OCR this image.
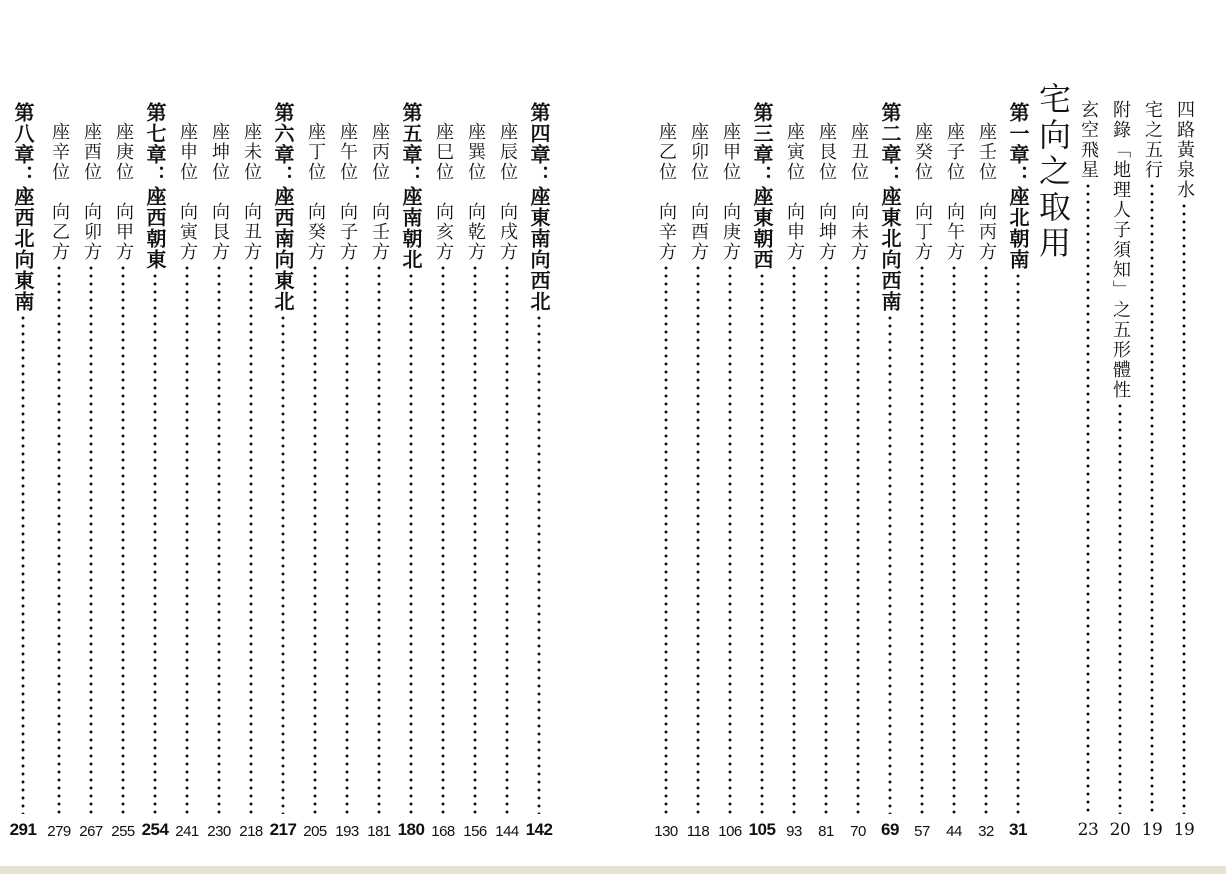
四路黃泉水
19
宅之五行
19
附錄「地理人子須知」之五形體性
20
玄空飛星
23
宅向之取用
第一章：座北朝南
31
座壬位　向丙方
32
座子位　向午方
44
座癸位　向丁方
57
第二章：座東北向西南
69
座丑位　向未方
70
座艮位　向坤方
81
座寅位　向申方
93
第三章：座東朝西
105
座甲位　向庚方
106
座卯位　向酉方
118
座乙位　向辛方
130
第四章：座東南向西北
142
座辰位　向戌方
144
座巽位　向乾方
156
座巳位　向亥方
168
第五章：座南朝北
180
座丙位　向壬方
181
座午位　向子方
193
座丁位　向癸方
205
第六章：座西南向東北
217
座未位　向丑方
218
座坤位　向艮方
230
座申位　向寅方
241
第七章：座西朝東
254
座庚位　向甲方
255
座酉位　向卯方
267
座辛位　向乙方
279
第八章：座西北向東南
291
